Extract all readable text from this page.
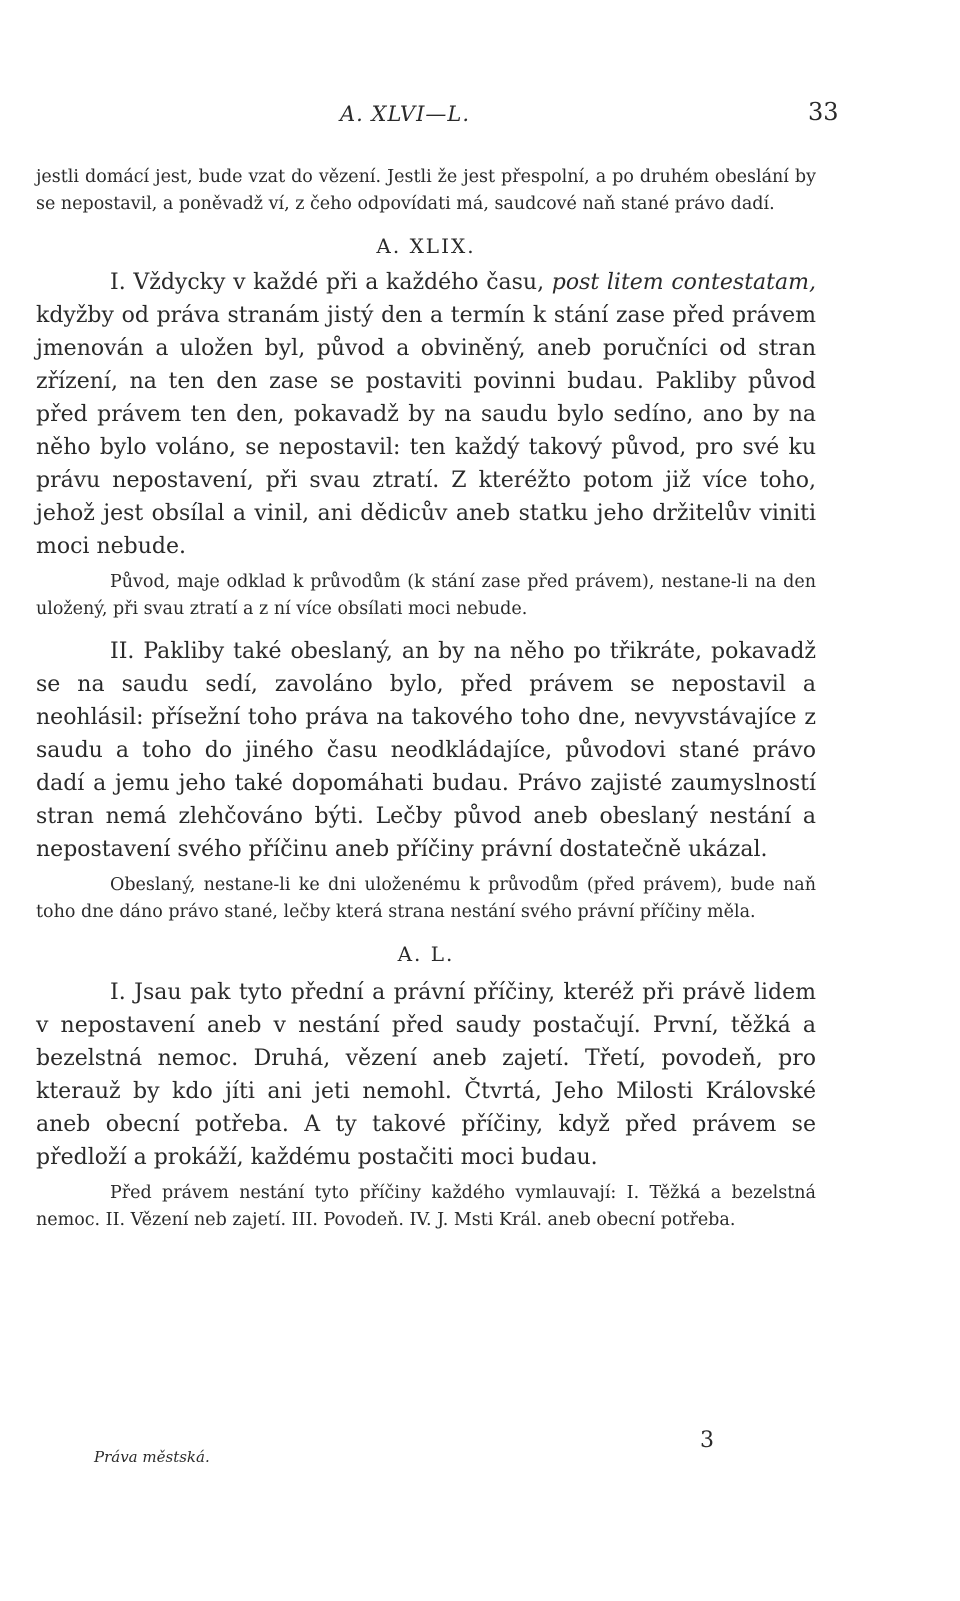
A. XLVI—L.	33

jestli domácí jest, bude vzat do vězení. Jestli že jest přespolní, a po druhém obeslání by se nepostavil, a poněvadž ví, z čeho odpovídati má, saudcové naň stané právo dadí.

A. XLIX.

I. Vždycky v každé při a každého času, post litem contestatam, kdyžby od práva stranám jistý den a termín k stání zase před právem jmenován a uložen byl, původ a obviněný, aneb poručníci od stran zřízení, na ten den zase se postaviti povinni budau. Pakliby původ před právem ten den, pokavadž by na saudu bylo sedíno, ano by na něho bylo voláno, se nepostavil: ten každý takový původ, pro své ku právu nepostavení, při svau ztratí. Z kteréžto potom již více toho, jehož jest obsílal a vinil, ani dědicův aneb statku jeho držitelův viniti moci nebude.

Původ, maje odklad k průvodům (k stání zase před právem), nestane-li na den uložený, při svau ztratí a z ní více obsílati moci nebude.

II. Pakliby také obeslaný, an by na něho po třikráte, pokavadž se na saudu sedí, zavoláno bylo, před právem se nepostavil a neohlásil: přísežní toho práva na takového toho dne, nevyvstávajíce z saudu a toho do jiného času neodkládajíce, původovi stané právo dadí a jemu jeho také dopomáhati budau. Právo zajisté zaumyslností stran nemá zlehčováno býti. Lečby původ aneb obeslaný nestání a nepostavení svého příčinu aneb příčiny právní dostatečně ukázal.

Obeslaný, nestane-li ke dni uloženému k průvodům (před právem), bude naň toho dne dáno právo stané, lečby která strana nestání svého právní příčiny měla.

A. L.

I. Jsau pak tyto přední a právní příčiny, kteréž při právě lidem v nepostavení aneb v nestání před saudy postačují. První, těžká a bezelstná nemoc. Druhá, vězení aneb zajetí. Třetí, povodeň, pro kterauž by kdo jíti ani jeti nemohl. Čtvrtá, Jeho Milosti Královské aneb obecní potřeba. A ty takové příčiny, když před právem se předloží a prokáží, každému postačiti moci budau.

Před právem nestání tyto příčiny každého vymlauvají: I. Těžká a bezelstná nemoc. II. Vězení neb zajetí. III. Povodeň. IV. J. Msti Král. aneb obecní potřeba.

Práva městská.
3
